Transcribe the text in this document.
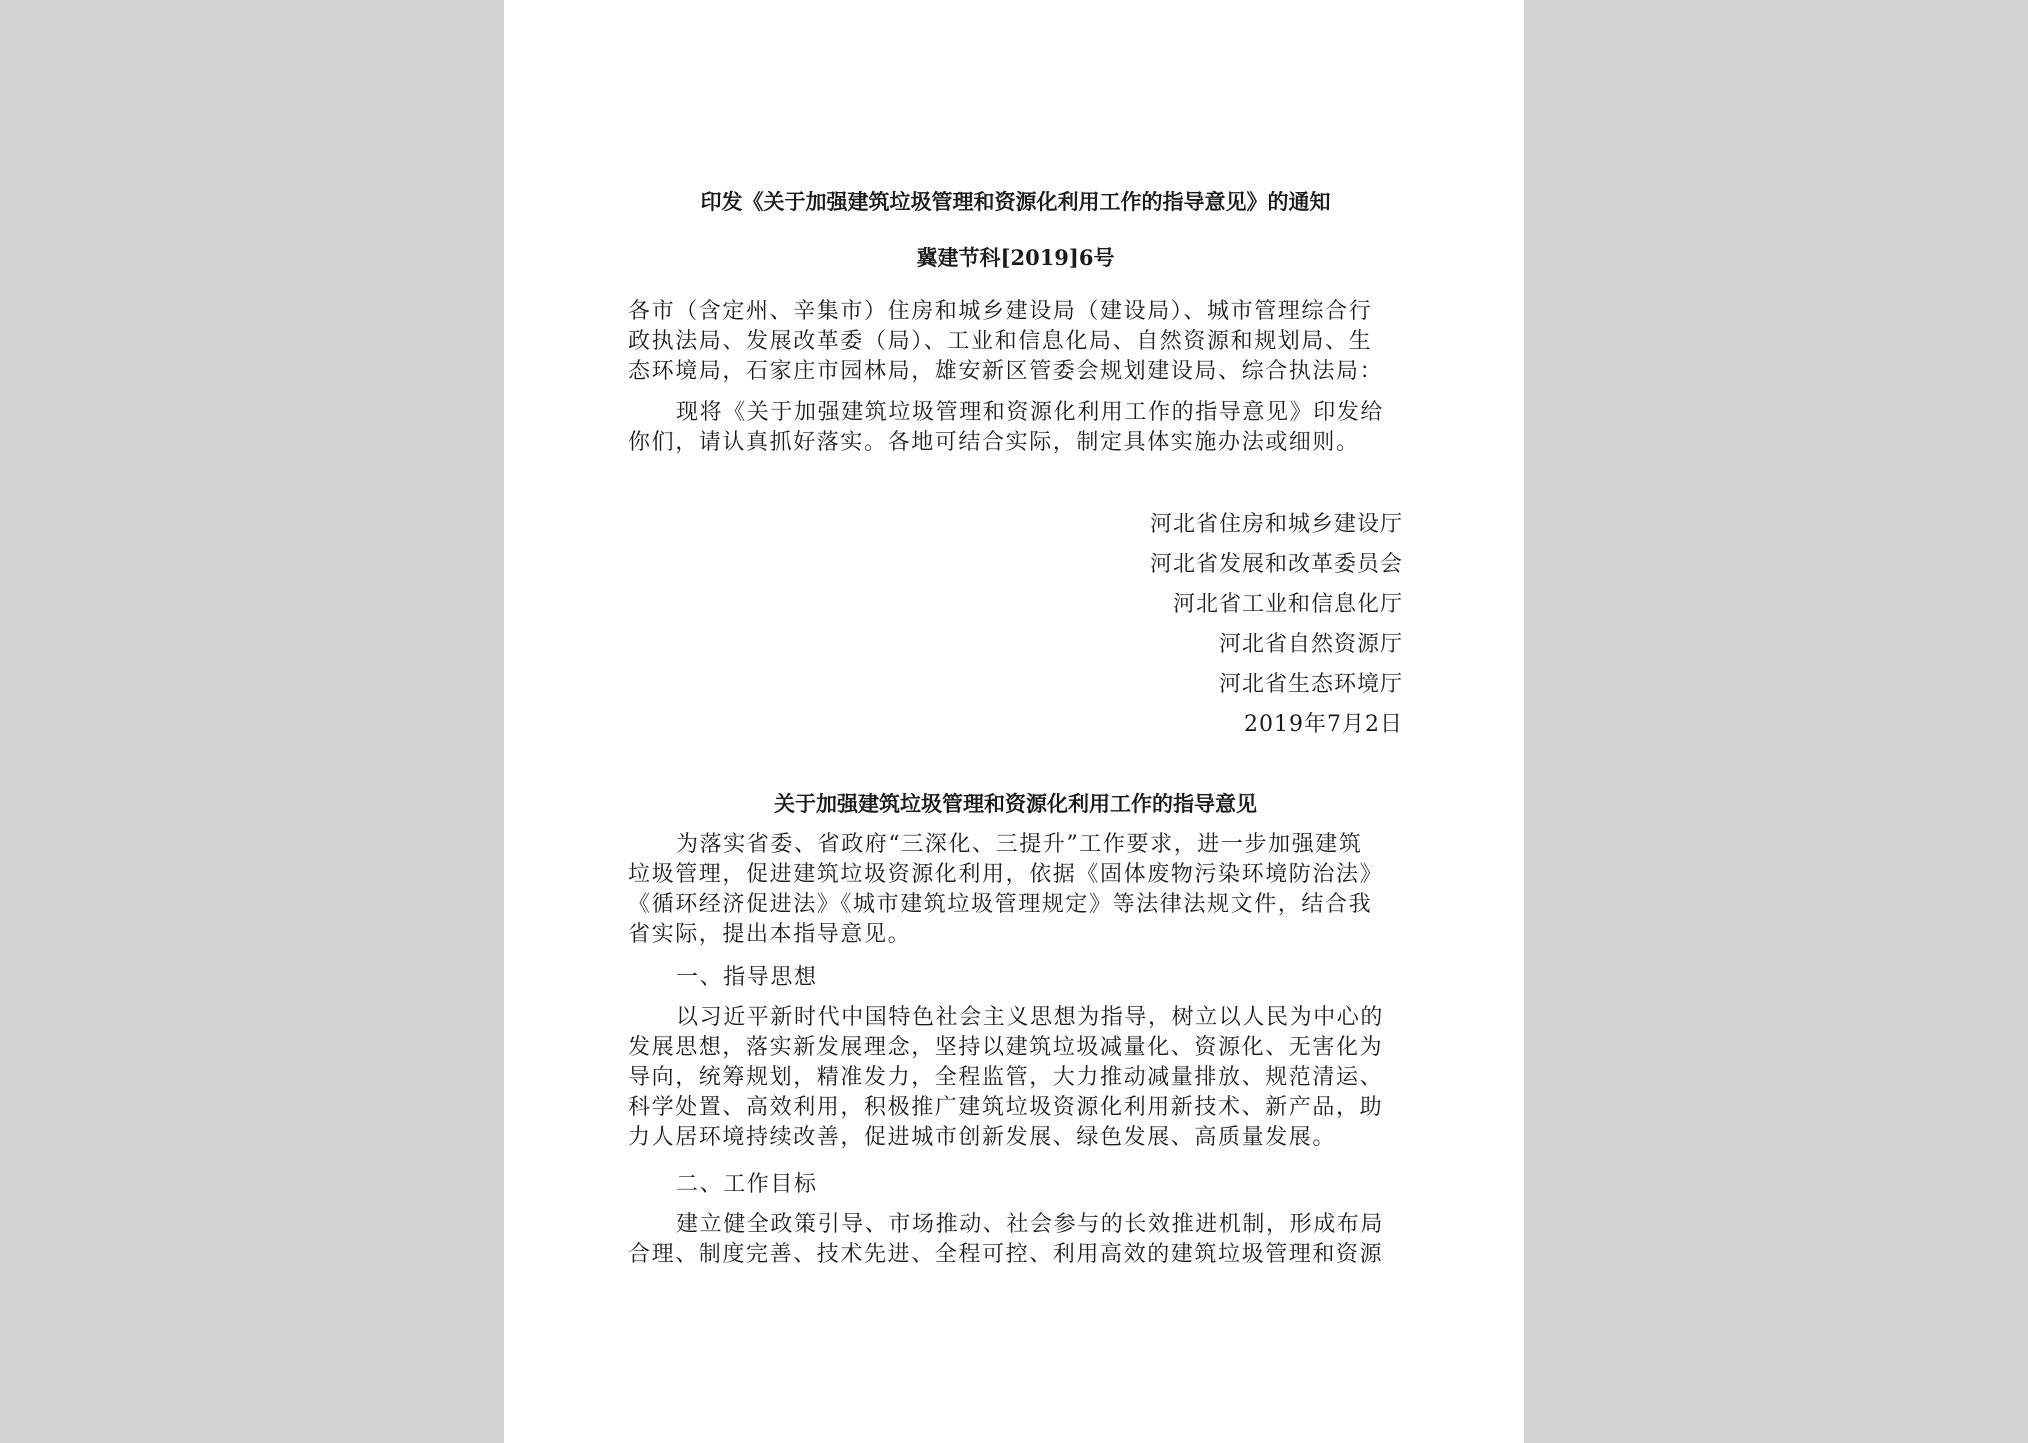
印发《关于加强建筑垃圾管理和资源化利用工作的指导意见》的通知
冀建节科[2019]6号

各市（含定州、辛集市）住房和城乡建设局（建设局）、城市管理综合行

政执法局、发展改革委（局）、工业和信息化局、自然资源和规划局、生

态环境局，石家庄市园林局，雄安新区管委会规划建设局、综合执法局：

现将《关于加强建筑垃圾管理和资源化利用工作的指导意见》印发给

你们，请认真抓好落实。各地可结合实际，制定具体实施办法或细则。

河北省住房和城乡建设厅
河北省发展和改革委员会
河北省工业和信息化厅
河北省自然资源厅
河北省生态环境厅
2019年7月2日
关于加强建筑垃圾管理和资源化利用工作的指导意见

为落实省委、省政府“三深化、三提升”工作要求，进一步加强建筑

垃圾管理，促进建筑垃圾资源化利用，依据《固体废物污染环境防治法》

《循环经济促进法》《城市建筑垃圾管理规定》等法律法规文件，结合我

省实际，提出本指导意见。

一、指导思想

以习近平新时代中国特色社会主义思想为指导，树立以人民为中心的

发展思想，落实新发展理念，坚持以建筑垃圾减量化、资源化、无害化为

导向，统筹规划，精准发力，全程监管，大力推动减量排放、规范清运、

科学处置、高效利用，积极推广建筑垃圾资源化利用新技术、新产品，助

力人居环境持续改善，促进城市创新发展、绿色发展、高质量发展。

二、工作目标

建立健全政策引导、市场推动、社会参与的长效推进机制，形成布局

合理、制度完善、技术先进、全程可控、利用高效的建筑垃圾管理和资源
